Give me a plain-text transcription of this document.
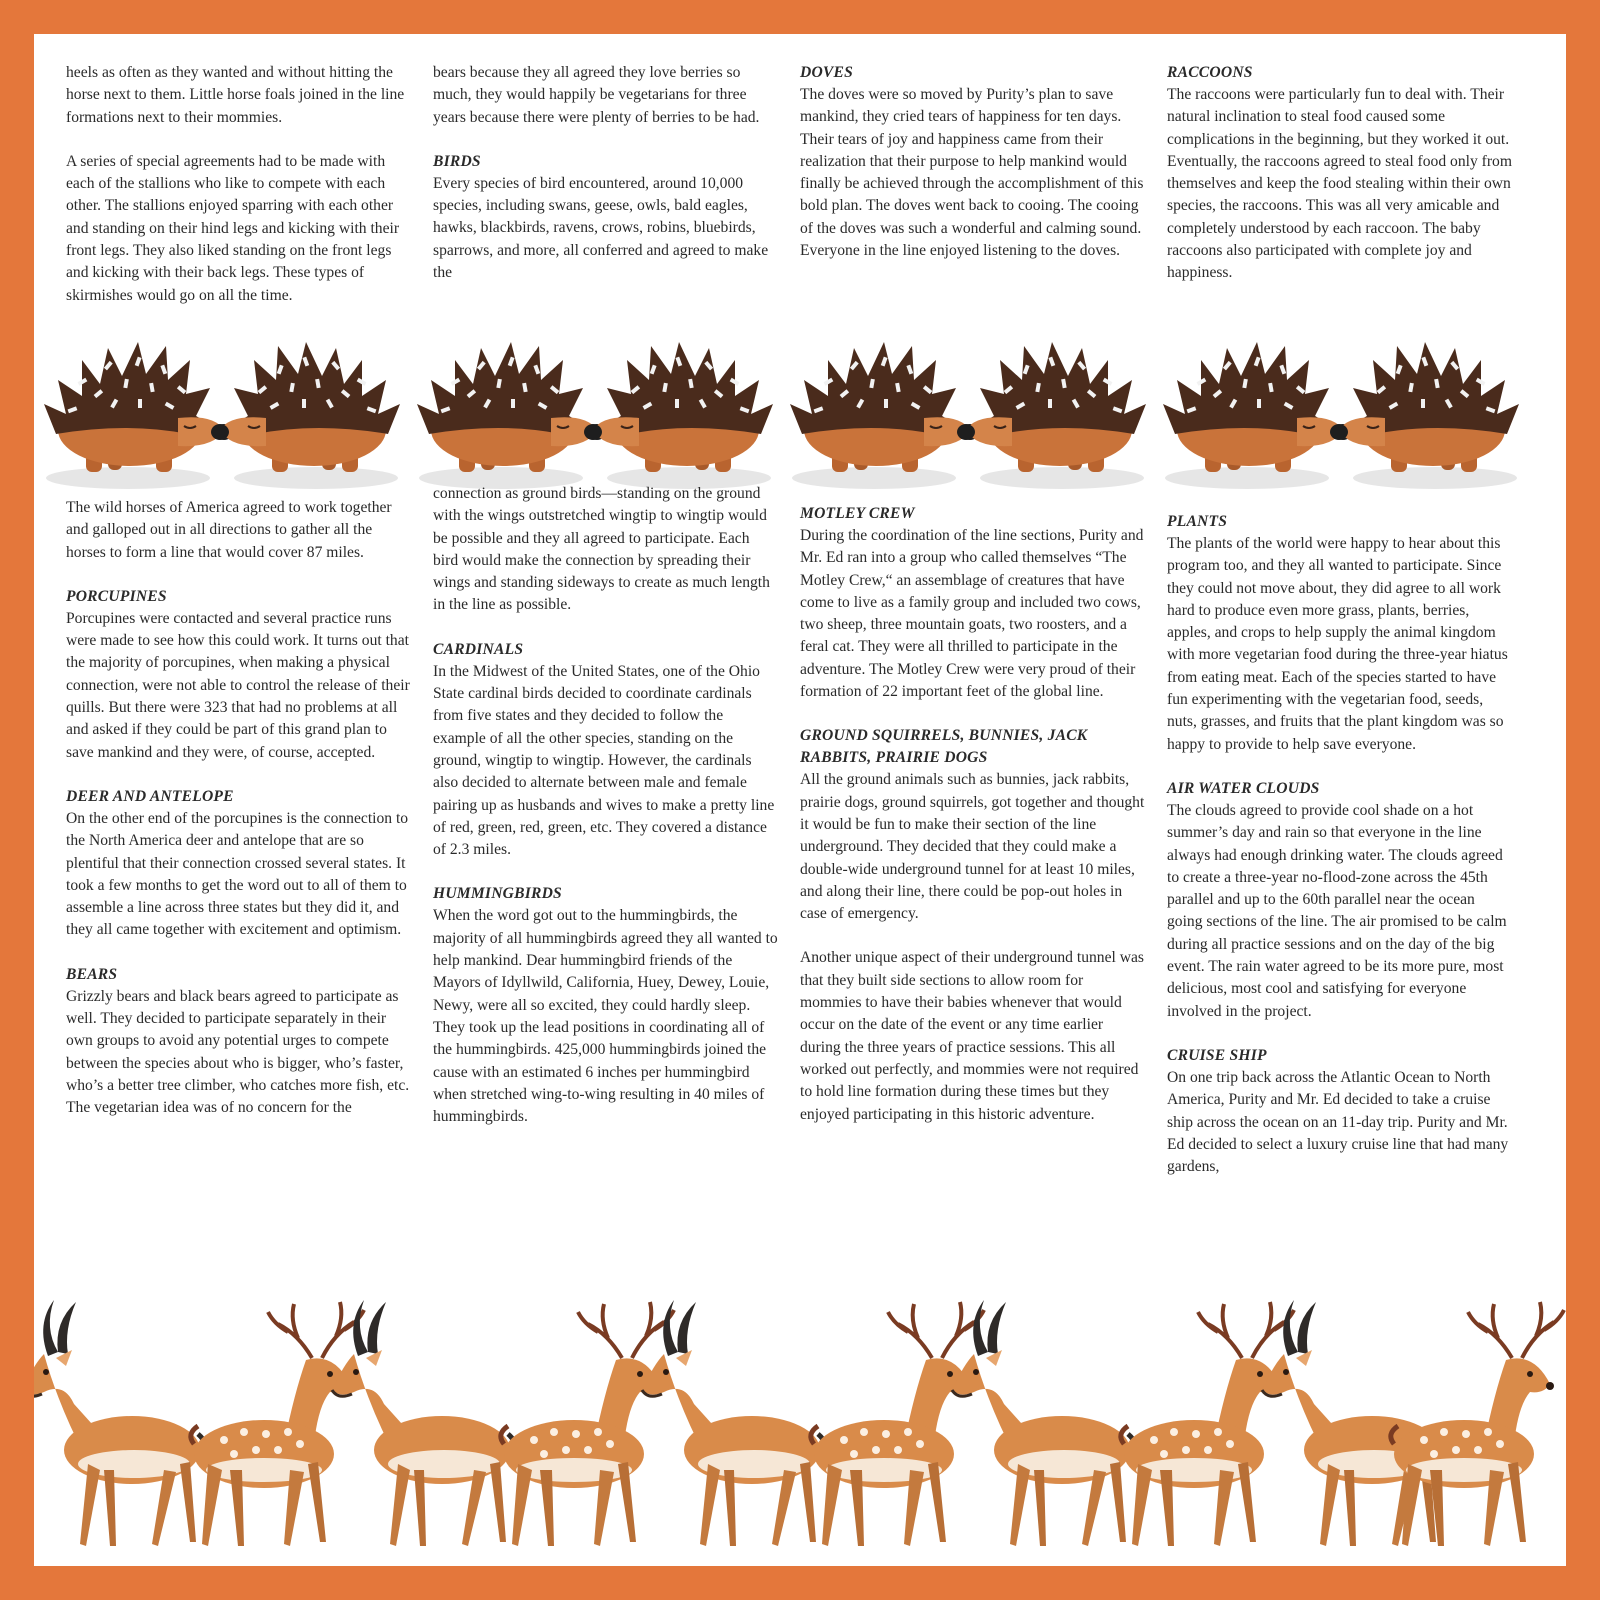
heels as often as they wanted and without hitting the horse next to them. Little horse foals joined in the line formations next to their mommies.

A series of special agreements had to be made with each of the stallions who like to compete with each other. The stallions enjoyed sparring with each other and standing on their hind legs and kicking with their front legs. They also liked standing on the front legs and kicking with their back legs. These types of skirmishes would go on all the time.

bears because they all agreed they love berries so much, they would happily be vegetarians for three years because there were plenty of berries to be had.

BIRDS

Every species of bird encountered, around 10,000 species, including swans, geese, owls, bald eagles, hawks, blackbirds, ravens, crows, robins, bluebirds, sparrows, and more, all conferred and agreed to make the

DOVES

The doves were so moved by Purity’s plan to save mankind, they cried tears of happiness for ten days. Their tears of joy and happiness came from their realization that their purpose to help mankind would finally be achieved through the accomplishment of this bold plan. The doves went back to cooing. The cooing of the doves was such a wonderful and calming sound. Everyone in the line enjoyed listening to the doves.

RACCOONS

The raccoons were particularly fun to deal with. Their natural inclination to steal food caused some complications in the beginning, but they worked it out. Eventually, the raccoons agreed to steal food only from themselves and keep the food stealing within their own species, the raccoons. This was all very amicable and completely understood by each raccoon. The baby raccoons also participated with complete joy and happiness.

The wild horses of America agreed to work together and galloped out in all directions to gather all the horses to form a line that would cover 87 miles.

PORCUPINES
Porcupines were contacted and several practice runs were made to see how this could work. It turns out that the majority of porcupines, when making a physical connection, were not able to control the release of their quills. But there were 323 that had no problems at all and asked if they could be part of this grand plan to save mankind and they were, of course, accepted.
DEER AND ANTELOPE
On the other end of the porcupines is the connection to the North America deer and antelope that are so plentiful that their connection crossed several states. It took a few months to get the word out to all of them to assemble a line across three states but they did it, and they all came together with excitement and optimism.
BEARS
Grizzly bears and black bears agreed to participate as well. They decided to participate separately in their own groups to avoid any potential urges to compete between the species about who is bigger, who’s faster, who’s a better tree climber, who catches more fish, etc. The vegetarian idea was of no concern for the

connection as ground birds—standing on the ground with the wings outstretched wingtip to wingtip would be possible and they all agreed to participate. Each bird would make the connection by spreading their wings and standing sideways to create as much length in the line as possible.

CARDINALS
In the Midwest of the United States, one of the Ohio State cardinal birds decided to coordinate cardinals from five states and they decided to follow the example of all the other species, standing on the ground, wingtip to wingtip. However, the cardinals also decided to alternate between male and female pairing up as husbands and wives to make a pretty line of red, green, red, green, etc. They covered a distance of 2.3 miles.
HUMMINGBIRDS
When the word got out to the hummingbirds, the majority of all hummingbirds agreed they all wanted to help mankind. Dear hummingbird friends of the Mayors of Idyllwild, California, Huey, Dewey, Louie, Newy, were all so excited, they could hardly sleep. They took up the lead positions in coordinating all of the hummingbirds. 425,000 hummingbirds joined the cause with an estimated 6 inches per hummingbird when stretched wing-to-wing resulting in 40 miles of hummingbirds.
MOTLEY CREW
During the coordination of the line sections, Purity and Mr. Ed ran into a group who called themselves “The Motley Crew,“ an assemblage of creatures that have come to live as a family group and included two cows, two sheep, three mountain goats, two roosters, and a feral cat. They were all thrilled to participate in the adventure. The Motley Crew were very proud of their formation of 22 important feet of the global line.
GROUND SQUIRRELS, BUNNIES, JACK RABBITS, PRAIRIE DOGS
All the ground animals such as bunnies, jack rabbits, prairie dogs, ground squirrels, got together and thought it would be fun to make their section of the line underground. They decided that they could make a double-wide underground tunnel for at least 10 miles, and along their line, there could be pop-out holes in case of emergency.

Another unique aspect of their underground tunnel was that they built side sections to allow room for mommies to have their babies whenever that would occur on the date of the event or any time earlier during the three years of practice sessions. This all worked out perfectly, and mommies were not required to hold line formation during these times but they enjoyed participating in this historic adventure.

PLANTS
The plants of the world were happy to hear about this program too, and they all wanted to participate. Since they could not move about, they did agree to all work hard to produce even more grass, plants, berries, apples, and crops to help supply the animal kingdom with more vegetarian food during the three-year hiatus from eating meat. Each of the species started to have fun experimenting with the vegetarian food, seeds, nuts, grasses, and fruits that the plant kingdom was so happy to provide to help save everyone.
AIR WATER CLOUDS
The clouds agreed to provide cool shade on a hot summer’s day and rain so that everyone in the line always had enough drinking water. The clouds agreed to create a three-year no-flood-zone across the 45th parallel and up to the 60th parallel near the ocean going sections of the line. The air promised to be calm during all practice sessions and on the day of the big event. The rain water agreed to be its more pure, most delicious, most cool and satisfying for everyone involved in the project.
CRUISE SHIP
On one trip back across the Atlantic Ocean to North America, Purity and Mr. Ed decided to take a cruise ship across the ocean on an 11-day trip. Purity and Mr. Ed decided to select a luxury cruise line that had many gardens,
